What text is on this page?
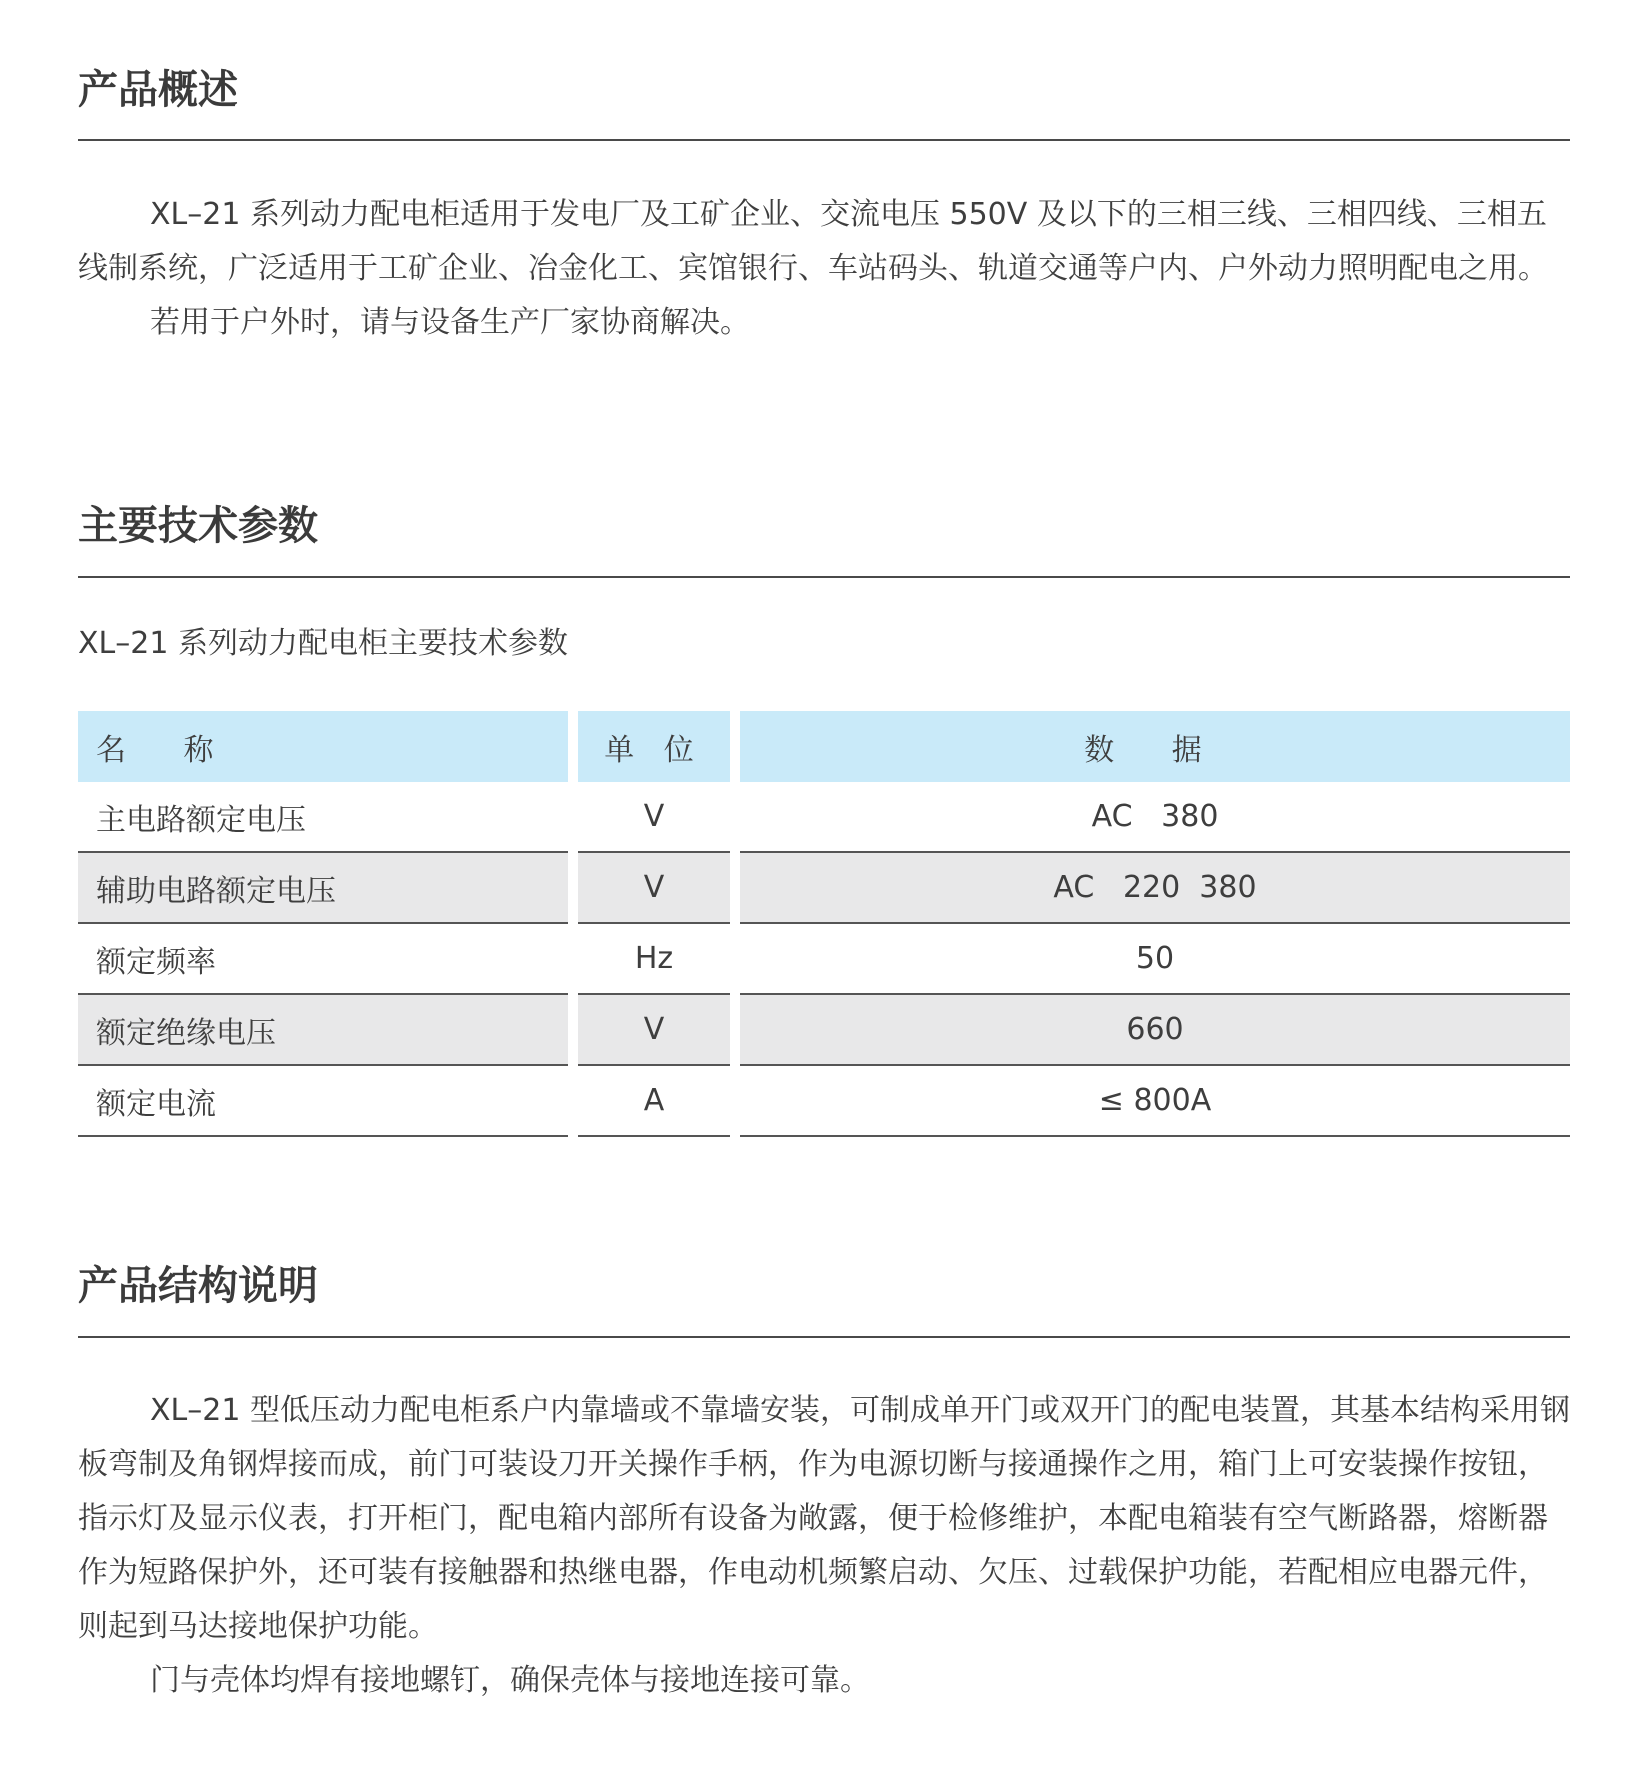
产品概述

XL–21 系列动力配电柜适用于发电厂及工矿企业、交流电压 550V 及以下的三相三线、三相四线、三相五线制系统，广泛适用于工矿企业、冶金化工、宾馆银行、车站码头、轨道交通等户内、户外动力照明配电之用。

若用于户外时，请与设备生产厂家协商解决。

主要技术参数

XL–21 系列动力配电柜主要技术参数

名 称		单 位		数 据
主电路额定电压		V		AC   380
辅助电路额定电压		V		AC   220  380
额定频率		Hz		50
额定绝缘电压		V		660
额定电流		A		≤ 800A
产品结构说明

XL–21 型低压动力配电柜系户内靠墙或不靠墙安装，可制成单开门或双开门的配电装置，其基本结构采用钢板弯制及角钢焊接而成，前门可装设刀开关操作手柄，作为电源切断与接通操作之用，箱门上可安装操作按钮，指示灯及显示仪表，打开柜门，配电箱内部所有设备为敞露，便于检修维护，本配电箱装有空气断路器，熔断器作为短路保护外，还可装有接触器和热继电器，作电动机频繁启动、欠压、过载保护功能，若配相应电器元件，则起到马达接地保护功能。

门与壳体均焊有接地螺钉，确保壳体与接地连接可靠。
